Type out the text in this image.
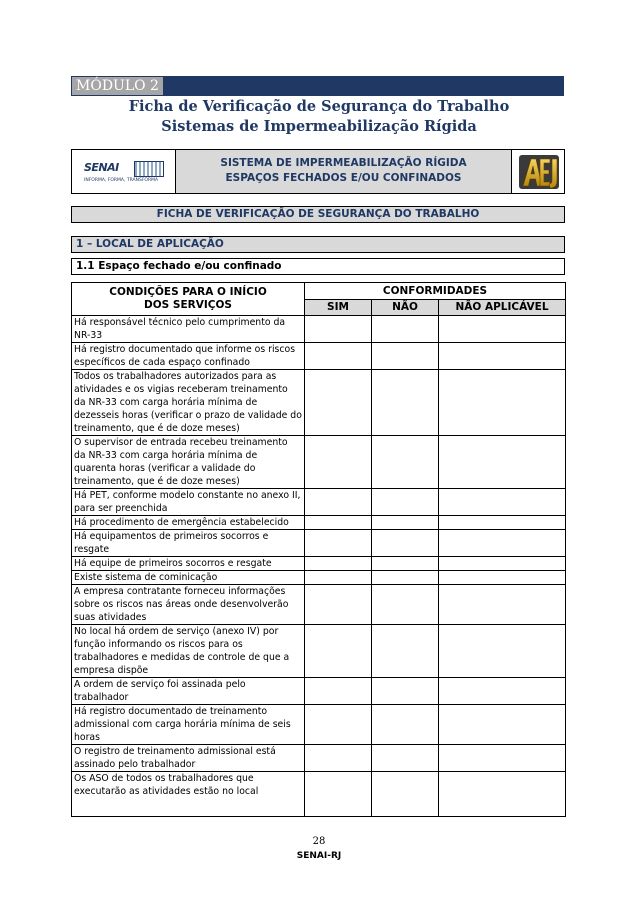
MÓDULO 2
Ficha de Verificação de Segurança do Trabalho
Sistemas de Impermeabilização Rígida
SENAI
INFORMA, FORMA, TRANSFORMA
SISTEMA DE IMPERMEABILIZAÇÃO RÍGIDA
ESPAÇOS FECHADOS E/OU CONFINADOS
FICHA DE VERIFICAÇÃO DE SEGURANÇA DO TRABALHO
1 – LOCAL DE APLICAÇÃO
1.1 Espaço fechado e/ou confinado
CONDIÇÕES PARA O INÍCIO
DOS SERVIÇOS	CONFORMIDADES		
	SIM	NÃO	NÃO APLICÁVEL
Há responsável técnico pelo cumprimento da NR-33			
Há registro documentado que informe os riscos específicos de cada espaço confinado			
Todos os trabalhadores autorizados para as atividades e os vigias receberam treinamento da NR-33 com carga horária mínima de dezesseis horas (verificar o prazo de validade do treinamento, que é de doze meses)			
O supervisor de entrada recebeu treinamento da NR-33 com carga horária mínima de quarenta horas (verificar a validade do treinamento, que é de doze meses)			
Há PET, conforme modelo constante no anexo II, para ser preenchida			
Há procedimento de emergência estabelecido			
Há equipamentos de primeiros socorros e resgate			
Há equipe de primeiros socorros e resgate			
Existe sistema de cominicação			
A empresa contratante forneceu informações sobre os riscos nas áreas onde desenvolverão suas atividades			
No local há ordem de serviço (anexo IV) por função informando os riscos para os trabalhadores e medidas de controle de que a empresa dispõe			
A ordem de serviço foi assinada pelo trabalhador			
Há registro documentado de treinamento admissional com carga horária mínima de seis horas			
O registro de treinamento admissional está assinado pelo trabalhador			
Os ASO de todos os trabalhadores que executarão as atividades estão no local			
28
SENAI-RJ
